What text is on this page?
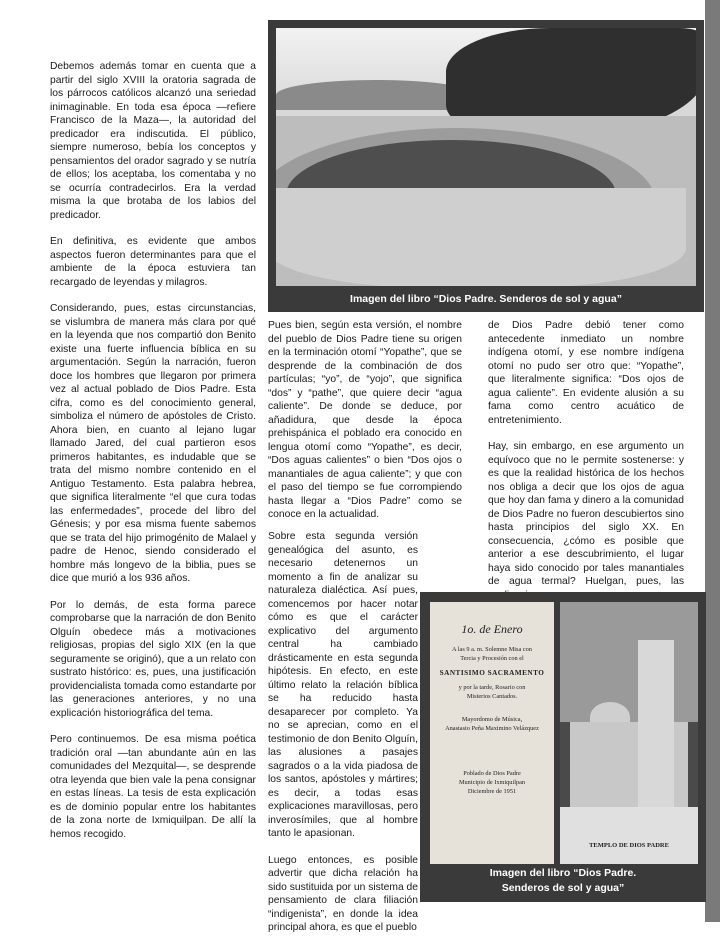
Debemos además tomar en cuenta que a partir del siglo XVIII la oratoria sagrada de los párrocos católicos alcanzó una seriedad inimaginable. En toda esa época —refiere Francisco de la Maza—, la autoridad del predicador era indiscutida. El público, siempre numeroso, bebía los conceptos y pensamientos del orador sagrado y se nutría de ellos; los aceptaba, los comentaba y no se ocurría contradecirlos. Era la verdad misma la que brotaba de los labios del predicador.

En definitiva, es evidente que ambos aspectos fueron determinantes para que el ambiente de la época estuviera tan recargado de leyendas y milagros.

Considerando, pues, estas circunstancias, se vislumbra de manera más clara por qué en la leyenda que nos compartió don Benito existe una fuerte influencia bíblica en su argumentación. Según la narración, fueron doce los hombres que llegaron por primera vez al actual poblado de Dios Padre. Esta cifra, como es del conocimiento general, simboliza el número de apóstoles de Cristo. Ahora bien, en cuanto al lejano lugar llamado Jared, del cual partieron esos primeros habitantes, es indudable que se trata del mismo nombre contenido en el Antiguo Testamento. Esta palabra hebrea, que significa literalmente “el que cura todas las enfermedades”, procede del libro del Génesis; y por esa misma fuente sabemos que se trata del hijo primogénito de Malael y padre de Henoc, siendo considerado el hombre más longevo de la biblia, pues se dice que murió a los 936 años.

Por lo demás, de esta forma parece comprobarse que la narración de don Benito Olguín obedece más a motivaciones religiosas, propias del siglo XIX (en la que seguramente se originó), que a un relato con sustrato histórico: es, pues, una justificación providencialista tomada como estandarte por las generaciones anteriores, y no una explicación historiográfica del tema.

Pero continuemos. De esa misma poética tradición oral —tan abundante aún en las comunidades del Mezquital—, se desprende otra leyenda que bien vale la pena consignar en estas líneas. La tesis de esta explicación es de dominio popular entre los habitantes de la zona norte de Ixmiquilpan. De allí la hemos recogido.

Imagen del libro “Dios Padre. Senderos de sol y agua”

Pues bien, según esta versión, el nombre del pueblo de Dios Padre tiene su origen en la terminación otomí “Yopathe”, que se desprende de la combinación de dos partículas; “yo”, de “yojo”, que significa “dos” y “pathe”, que quiere decir “agua caliente”. De donde se deduce, por añadidura, que desde la época prehispánica el poblado era conocido en lengua otomí como “Yopathe”, es decir, “Dos aguas calientes” o bien “Dos ojos o manantiales de agua caliente”; y que con el paso del tiempo se fue corrompiendo hasta llegar a “Dios Padre” como se conoce en la actualidad.

Sobre esta segunda versión genealógica del asunto, es necesario detenernos un momento a fin de analizar su naturaleza dialéctica. Así pues, comencemos por hacer notar cómo es que el carácter explicativo del argumento central ha cambiado drásticamente en esta segunda hipótesis. En efecto, en este último relato la relación bíblica se ha reducido hasta desaparecer por completo. Ya no se aprecian, como en el testimonio de don Benito Olguín, las alusiones a pasajes sagrados o a la vida piadosa de los santos, apóstoles y mártires; es decir, a todas esas explicaciones maravillosas, pero inverosímiles, que al hombre tanto le apasionan.

Luego entonces, es posible advertir que dicha relación ha sido sustituida por un sistema de pensamiento de clara filiación “indigenista”, en donde la idea principal ahora, es que el pueblo

de Dios Padre debió tener como antecedente inmediato un nombre indígena otomí, y ese nombre indígena otomí no pudo ser otro que: “Yopathe”, que literalmente significa: “Dos ojos de agua caliente”. En evidente alusión a su fama como centro acuático de entretenimiento.

Hay, sin embargo, en ese argumento un equívoco que no le permite sostenerse: y es que la realidad histórica de los hechos nos obliga a decir que los ojos de agua que hoy dan fama y dinero a la comunidad de Dios Padre no fueron descubiertos sino hasta principios del siglo XX. En consecuencia, ¿cómo es posible que anterior a ese descubrimiento, el lugar haya sido conocido por tales manantiales de agua termal? Huelgan, pues, las

1o. de Enero
A las 9 a. m. Solemne Misa con
Tercia y Procesión con el
SANTISIMO SACRAMENTO
y por la tarde, Rosario con
Misterios Cantados.
Mayordomo de Música,
Anastasio Peña Maximino Velázquez
Poblado de Dios Padre
Municipio de Ixmiquilpan
Diciembre de 1951
TEMPLO DE DIOS PADRE
Imagen del libro “Dios Padre.
Senderos de sol y agua”
